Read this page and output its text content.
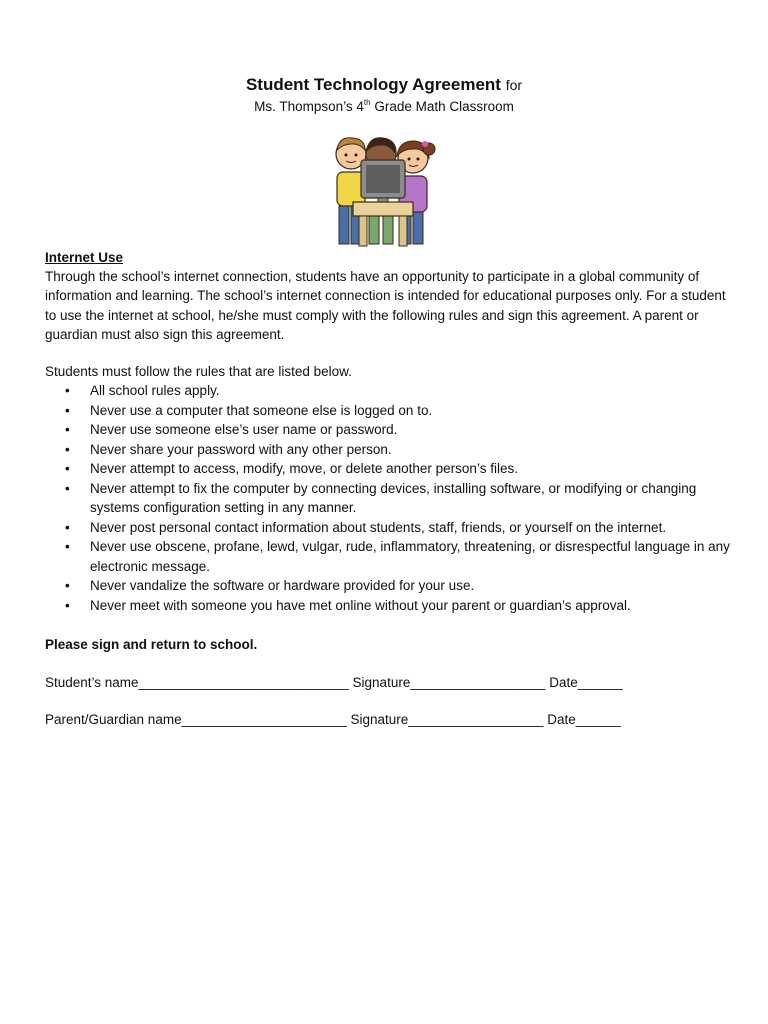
Student Technology Agreement for
Ms. Thompson’s 4th Grade Math Classroom
Internet Use
Through the school’s internet connection, students have an opportunity to participate in a global community of information and learning. The school’s internet connection is intended for educational purposes only. For a student to use the internet at school, he/she must comply with the following rules and sign this agreement. A parent or guardian must also sign this agreement.
Students must follow the rules that are listed below.
• All school rules apply.
• Never use a computer that someone else is logged on to.
• Never use someone else’s user name or password.
• Never share your password with any other person.
• Never attempt to access, modify, move, or delete another person’s files.
• Never attempt to fix the computer by connecting devices, installing software, or modifying or changing systems configuration setting in any manner.
• Never post personal contact information about students, staff, friends, or yourself on the internet.
• Never use obscene, profane, lewd, vulgar, rude, inflammatory, threatening, or disrespectful language in any electronic message.
• Never vandalize the software or hardware provided for your use.
• Never meet with someone you have met online without your parent or guardian’s approval.
Please sign and return to school.
Student’s name____________________________ Signature__________________ Date______
Parent/Guardian name______________________ Signature__________________ Date______
